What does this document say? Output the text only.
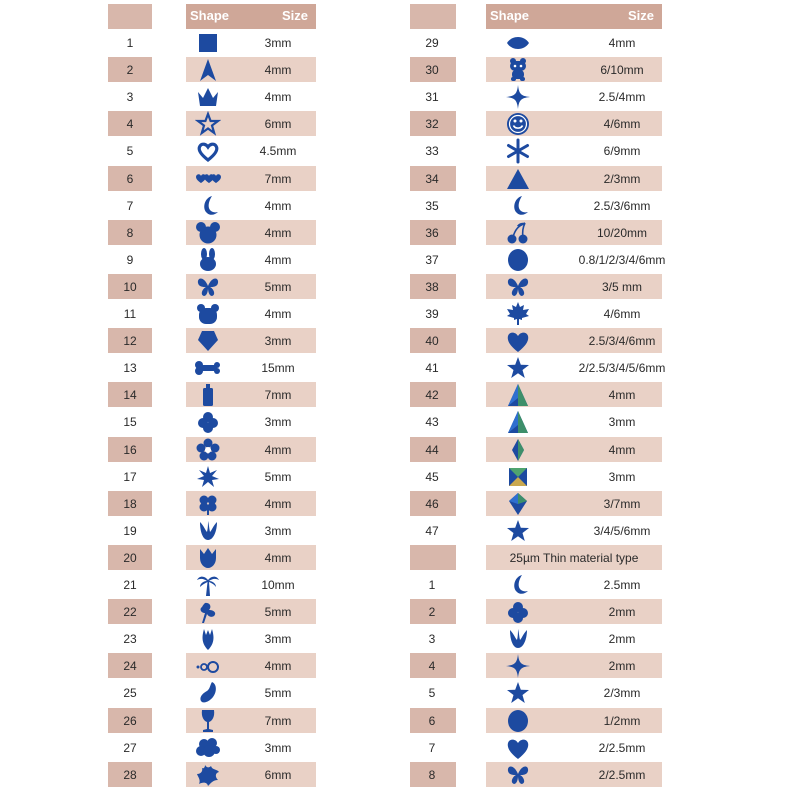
Shape	Size
1	3mm
2	4mm
3	4mm
4	6mm
5	4.5mm
6	7mm
7	4mm
8	4mm
9	4mm
10	5mm
11	4mm
12	3mm
13	15mm
14	7mm
15	3mm
16	4mm
17	5mm
18	4mm
19	3mm
20	4mm
21	10mm
22	5mm
23	3mm
24	4mm
25	5mm
26	7mm
27	3mm
28	6mm
Shape	Size
29	4mm
30	6/10mm
31	2.5/4mm
32	4/6mm
33	6/9mm
34	2/3mm
35	2.5/3/6mm
36	10/20mm
37	0.8/1/2/3/4/6mm
38	3/5 mm
39	4/6mm
40	2.5/3/4/6mm
41	2/2.5/3/4/5/6mm
42	4mm
43	3mm
44	4mm
45	3mm
46	3/7mm
47	3/4/5/6mm
25µm Thin material type
1	2.5mm
2	2mm
3	2mm
4	2mm
5	2/3mm
6	1/2mm
7	2/2.5mm
8	2/2.5mm
